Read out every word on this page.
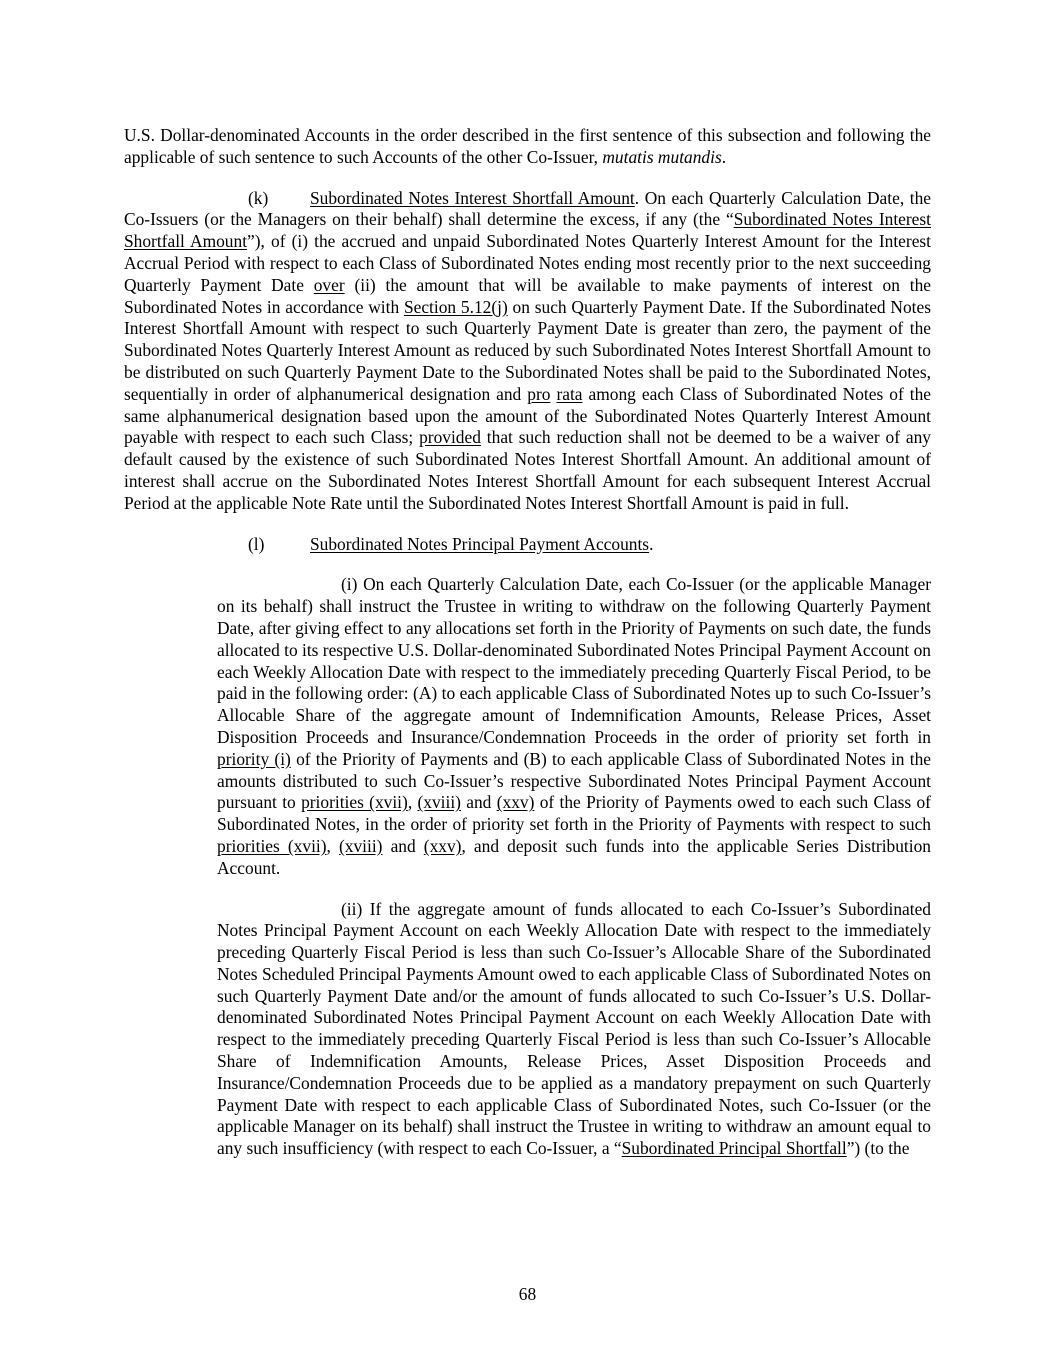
U.S. Dollar-denominated Accounts in the order described in the first sentence of this subsection and following the applicable of such sentence to such Accounts of the other Co-Issuer, mutatis mutandis.

(k) Subordinated Notes Interest Shortfall Amount. On each Quarterly Calculation Date, the Co-Issuers (or the Managers on their behalf) shall determine the excess, if any (the “Subordinated Notes Interest Shortfall Amount”), of (i) the accrued and unpaid Subordinated Notes Quarterly Interest Amount for the Interest Accrual Period with respect to each Class of Subordinated Notes ending most recently prior to the next succeeding Quarterly Payment Date over (ii) the amount that will be available to make payments of interest on the Subordinated Notes in accordance with Section 5.12(j) on such Quarterly Payment Date. If the Subordinated Notes Interest Shortfall Amount with respect to such Quarterly Payment Date is greater than zero, the payment of the Subordinated Notes Quarterly Interest Amount as reduced by such Subordinated Notes Interest Shortfall Amount to be distributed on such Quarterly Payment Date to the Subordinated Notes shall be paid to the Subordinated Notes, sequentially in order of alphanumerical designation and pro rata among each Class of Subordinated Notes of the same alphanumerical designation based upon the amount of the Subordinated Notes Quarterly Interest Amount payable with respect to each such Class; provided that such reduction shall not be deemed to be a waiver of any default caused by the existence of such Subordinated Notes Interest Shortfall Amount. An additional amount of interest shall accrue on the Subordinated Notes Interest Shortfall Amount for each subsequent Interest Accrual Period at the applicable Note Rate until the Subordinated Notes Interest Shortfall Amount is paid in full.

(l)	Subordinated Notes Principal Payment Accounts.

(i) On each Quarterly Calculation Date, each Co-Issuer (or the applicable Manager on its behalf) shall instruct the Trustee in writing to withdraw on the following Quarterly Payment Date, after giving effect to any allocations set forth in the Priority of Payments on such date, the funds allocated to its respective U.S. Dollar-denominated Subordinated Notes Principal Payment Account on each Weekly Allocation Date with respect to the immediately preceding Quarterly Fiscal Period, to be paid in the following order: (A) to each applicable Class of Subordinated Notes up to such Co-Issuer’s Allocable Share of the aggregate amount of Indemnification Amounts, Release Prices, Asset Disposition Proceeds and Insurance/Condemnation Proceeds in the order of priority set forth in priority (i) of the Priority of Payments and (B) to each applicable Class of Subordinated Notes in the amounts distributed to such Co-Issuer’s respective Subordinated Notes Principal Payment Account pursuant to priorities (xvii), (xviii) and (xxv) of the Priority of Payments owed to each such Class of Subordinated Notes, in the order of priority set forth in the Priority of Payments with respect to such priorities (xvii), (xviii) and (xxv), and deposit such funds into the applicable Series Distribution Account.

(ii) If the aggregate amount of funds allocated to each Co-Issuer’s Subordinated Notes Principal Payment Account on each Weekly Allocation Date with respect to the immediately preceding Quarterly Fiscal Period is less than such Co-Issuer’s Allocable Share of the Subordinated Notes Scheduled Principal Payments Amount owed to each applicable Class of Subordinated Notes on such Quarterly Payment Date and/or the amount of funds allocated to such Co-Issuer’s U.S. Dollar-denominated Subordinated Notes Principal Payment Account on each Weekly Allocation Date with respect to the immediately preceding Quarterly Fiscal Period is less than such Co-Issuer’s Allocable Share of Indemnification Amounts, Release Prices, Asset Disposition Proceeds and Insurance/Condemnation Proceeds due to be applied as a mandatory prepayment on such Quarterly Payment Date with respect to each applicable Class of Subordinated Notes, such Co-Issuer (or the applicable Manager on its behalf) shall instruct the Trustee in writing to withdraw an amount equal to any such insufficiency (with respect to each Co-Issuer, a “Subordinated Principal Shortfall”) (to the

68
